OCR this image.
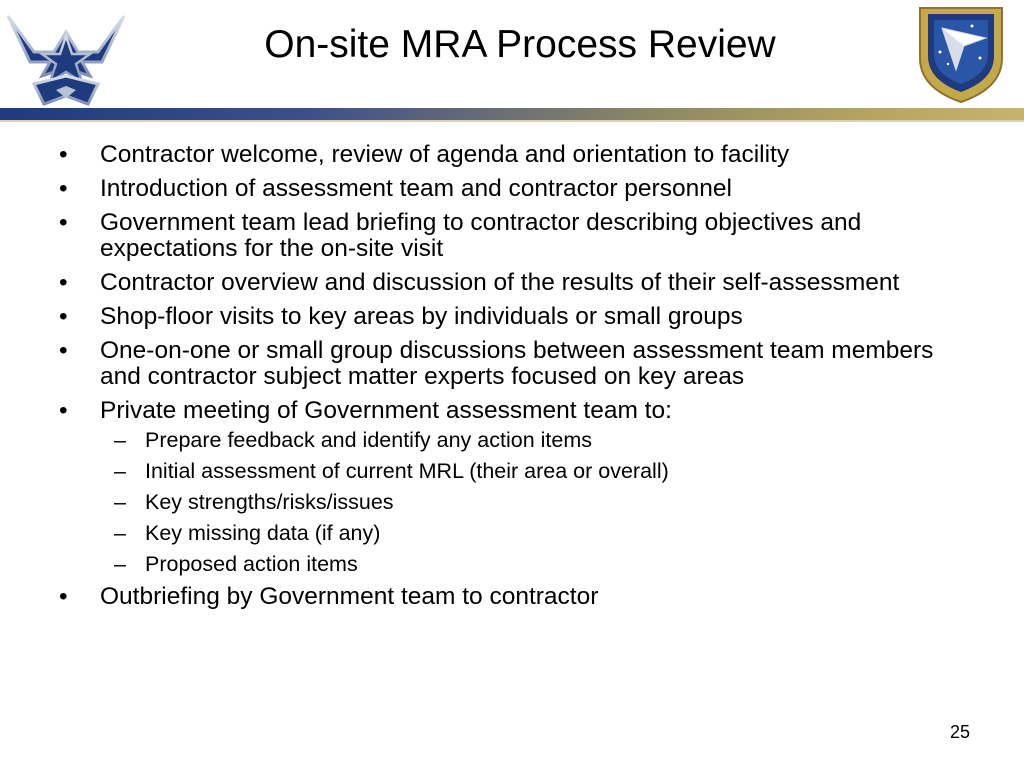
On-site MRA Process Review
• Contractor welcome, review of agenda and orientation to facility
• Introduction of assessment team and contractor personnel
• Government team lead briefing to contractor describing objectives and expectations for the on-site visit
• Contractor overview and discussion of the results of their self-assessment
• Shop-floor visits to key areas by individuals or small groups
• One-on-one or small group discussions between assessment team members and contractor subject matter experts focused on key areas
• Private meeting of Government assessment team to:
– Prepare feedback and identify any action items
– Initial assessment of current MRL (their area or overall)
– Key strengths/risks/issues
– Key missing data (if any)
– Proposed action items
• Outbriefing by Government team to contractor
25
